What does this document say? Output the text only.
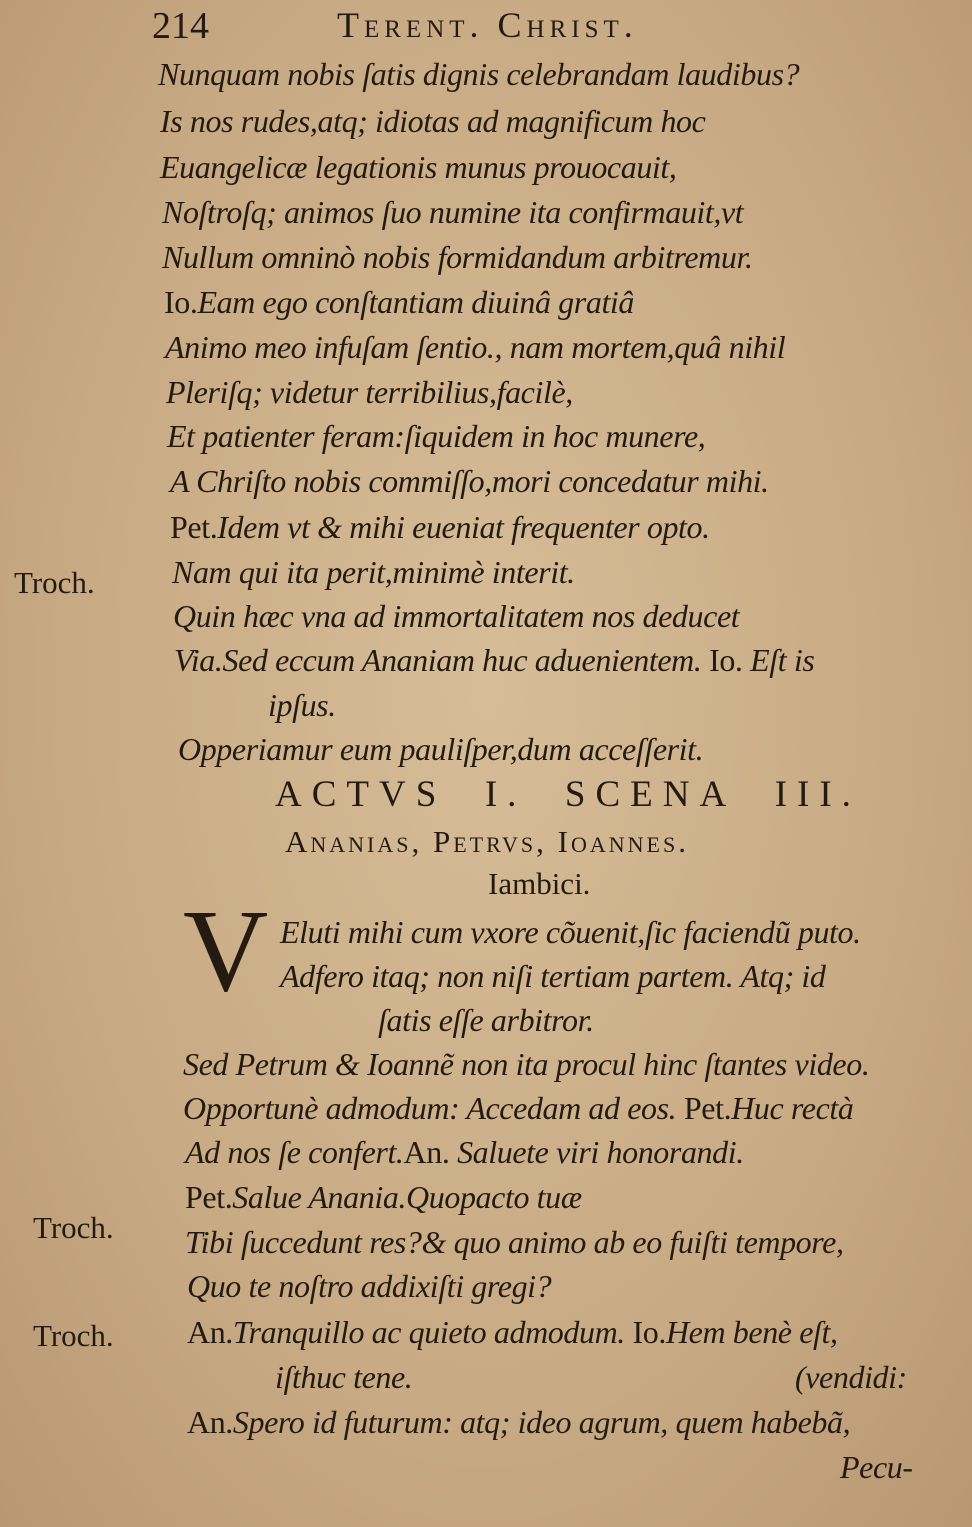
214	Terent. Christ.
Troch.
Troch.
Troch.
Nunquam nobis ſatis dignis celebrandam laudibus?
Is nos rudes,atq; idiotas ad magnificum hoc
Euangelicæ legationis munus prouocauit,
Noſtroſq; animos ſuo numine ita confirmauit,vt
Nullum omninò nobis formidandum arbitremur.
Io.Eam ego conſtantiam diuinâ gratiâ
Animo meo infuſam ſentio., nam mortem,quâ nihil
Pleriſq; videtur terribilius,facilè,
Et patienter feram:ſiquidem in hoc munere,
A Chriſto nobis commiſſo,mori concedatur mihi.
Pet.Idem vt & mihi eueniat frequenter opto.
Nam qui ita perit,minimè interit.
Quin hæc vna ad immortalitatem nos deducet
Via.Sed eccum Ananiam huc aduenientem. Io. Eſt is
ipſus.
Opperiamur eum pauliſper,dum acceſſerit.
ACTVS I. SCENA III.
Ananias, Petrvs, Ioannes.
Iambici.
V Eluti mihi cum vxore cõuenit,ſic faciendũ puto.
Adfero itaq; non niſi tertiam partem. Atq; id
ſatis eſſe arbitror.
Sed Petrum & Ioannẽ non ita procul hinc ſtantes video.
Opportunè admodum: Accedam ad eos. Pet.Huc rectà
Ad nos ſe confert.An. Saluete viri honorandi.
Pet.Salue Anania.Quopacto tuæ
Tibi ſuccedunt res?& quo animo ab eo fuiſti tempore,
Quo te noſtro addixiſti gregi?
An.Tranquillo ac quieto admodum. Io.Hem benè eſt,
iſthuc tene.	(vendidi:
An.Spero id futurum: atq; ideo agrum, quem habebã,
Pecu-
